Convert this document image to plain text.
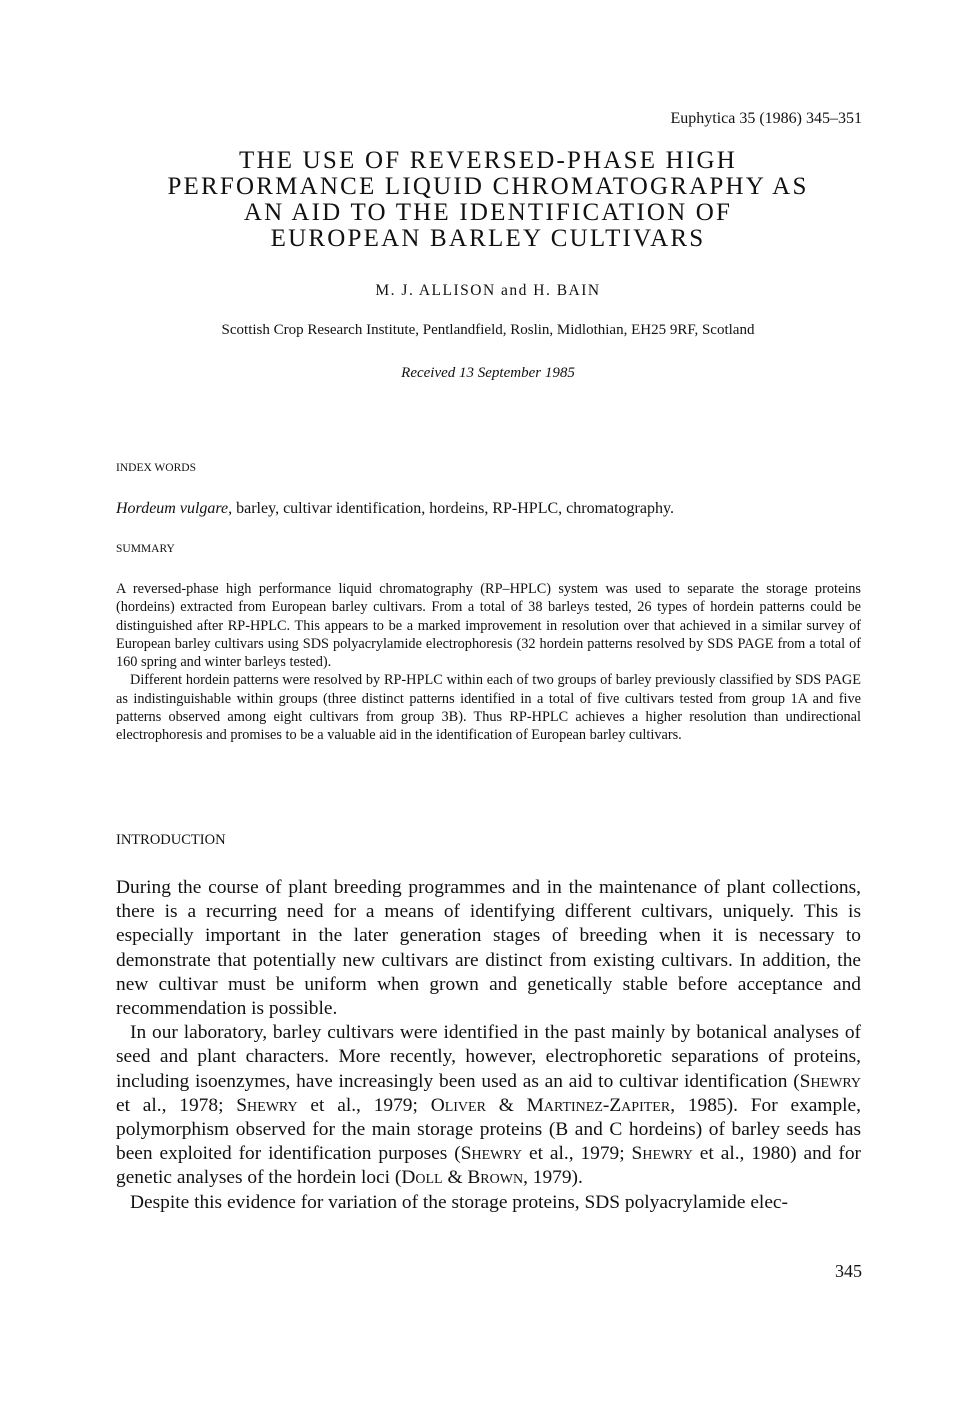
Euphytica 35 (1986) 345–351
THE USE OF REVERSED-PHASE HIGH
PERFORMANCE LIQUID CHROMATOGRAPHY AS
AN AID TO THE IDENTIFICATION OF
EUROPEAN BARLEY CULTIVARS
M. J. ALLISON and H. BAIN
Scottish Crop Research Institute, Pentlandfield, Roslin, Midlothian, EH25 9RF, Scotland
Received 13 September 1985
INDEX WORDS
Hordeum vulgare, barley, cultivar identification, hordeins, RP-HPLC, chromatography.
SUMMARY

A reversed-phase high performance liquid chromatography (RP–HPLC) system was used to separate the storage proteins (hordeins) extracted from European barley cultivars. From a total of 38 barleys tested, 26 types of hordein patterns could be distinguished after RP-HPLC. This appears to be a marked improvement in resolution over that achieved in a similar survey of European barley cultivars using SDS polyacrylamide electrophoresis (32 hordein patterns resolved by SDS PAGE from a total of 160 spring and winter barleys tested).

Different hordein patterns were resolved by RP-HPLC within each of two groups of barley previously classified by SDS PAGE as indistinguishable within groups (three distinct patterns identified in a total of five cultivars tested from group 1A and five patterns observed among eight cultivars from group 3B). Thus RP-HPLC achieves a higher resolution than undirectional electrophoresis and promises to be a valuable aid in the identification of European barley cultivars.

INTRODUCTION

During the course of plant breeding programmes and in the maintenance of plant collections, there is a recurring need for a means of identifying different cultivars, uniquely. This is especially important in the later generation stages of breeding when it is necessary to demonstrate that potentially new cultivars are distinct from existing cultivars. In addition, the new cultivar must be uniform when grown and genetically stable before acceptance and recommendation is possible.

In our laboratory, barley cultivars were identified in the past mainly by botanical analyses of seed and plant characters. More recently, however, electrophoretic separations of proteins, including isoenzymes, have increasingly been used as an aid to cultivar identification (Shewry et al., 1978; Shewry et al., 1979; Oliver & Martinez-Zapiter, 1985). For example, polymorphism observed for the main storage proteins (B and C hordeins) of barley seeds has been exploited for identification purposes (Shewry et al., 1979; Shewry et al., 1980) and for genetic analyses of the hordein loci (Doll & Brown, 1979).

Despite this evidence for variation of the storage proteins, SDS polyacrylamide elec-

345
